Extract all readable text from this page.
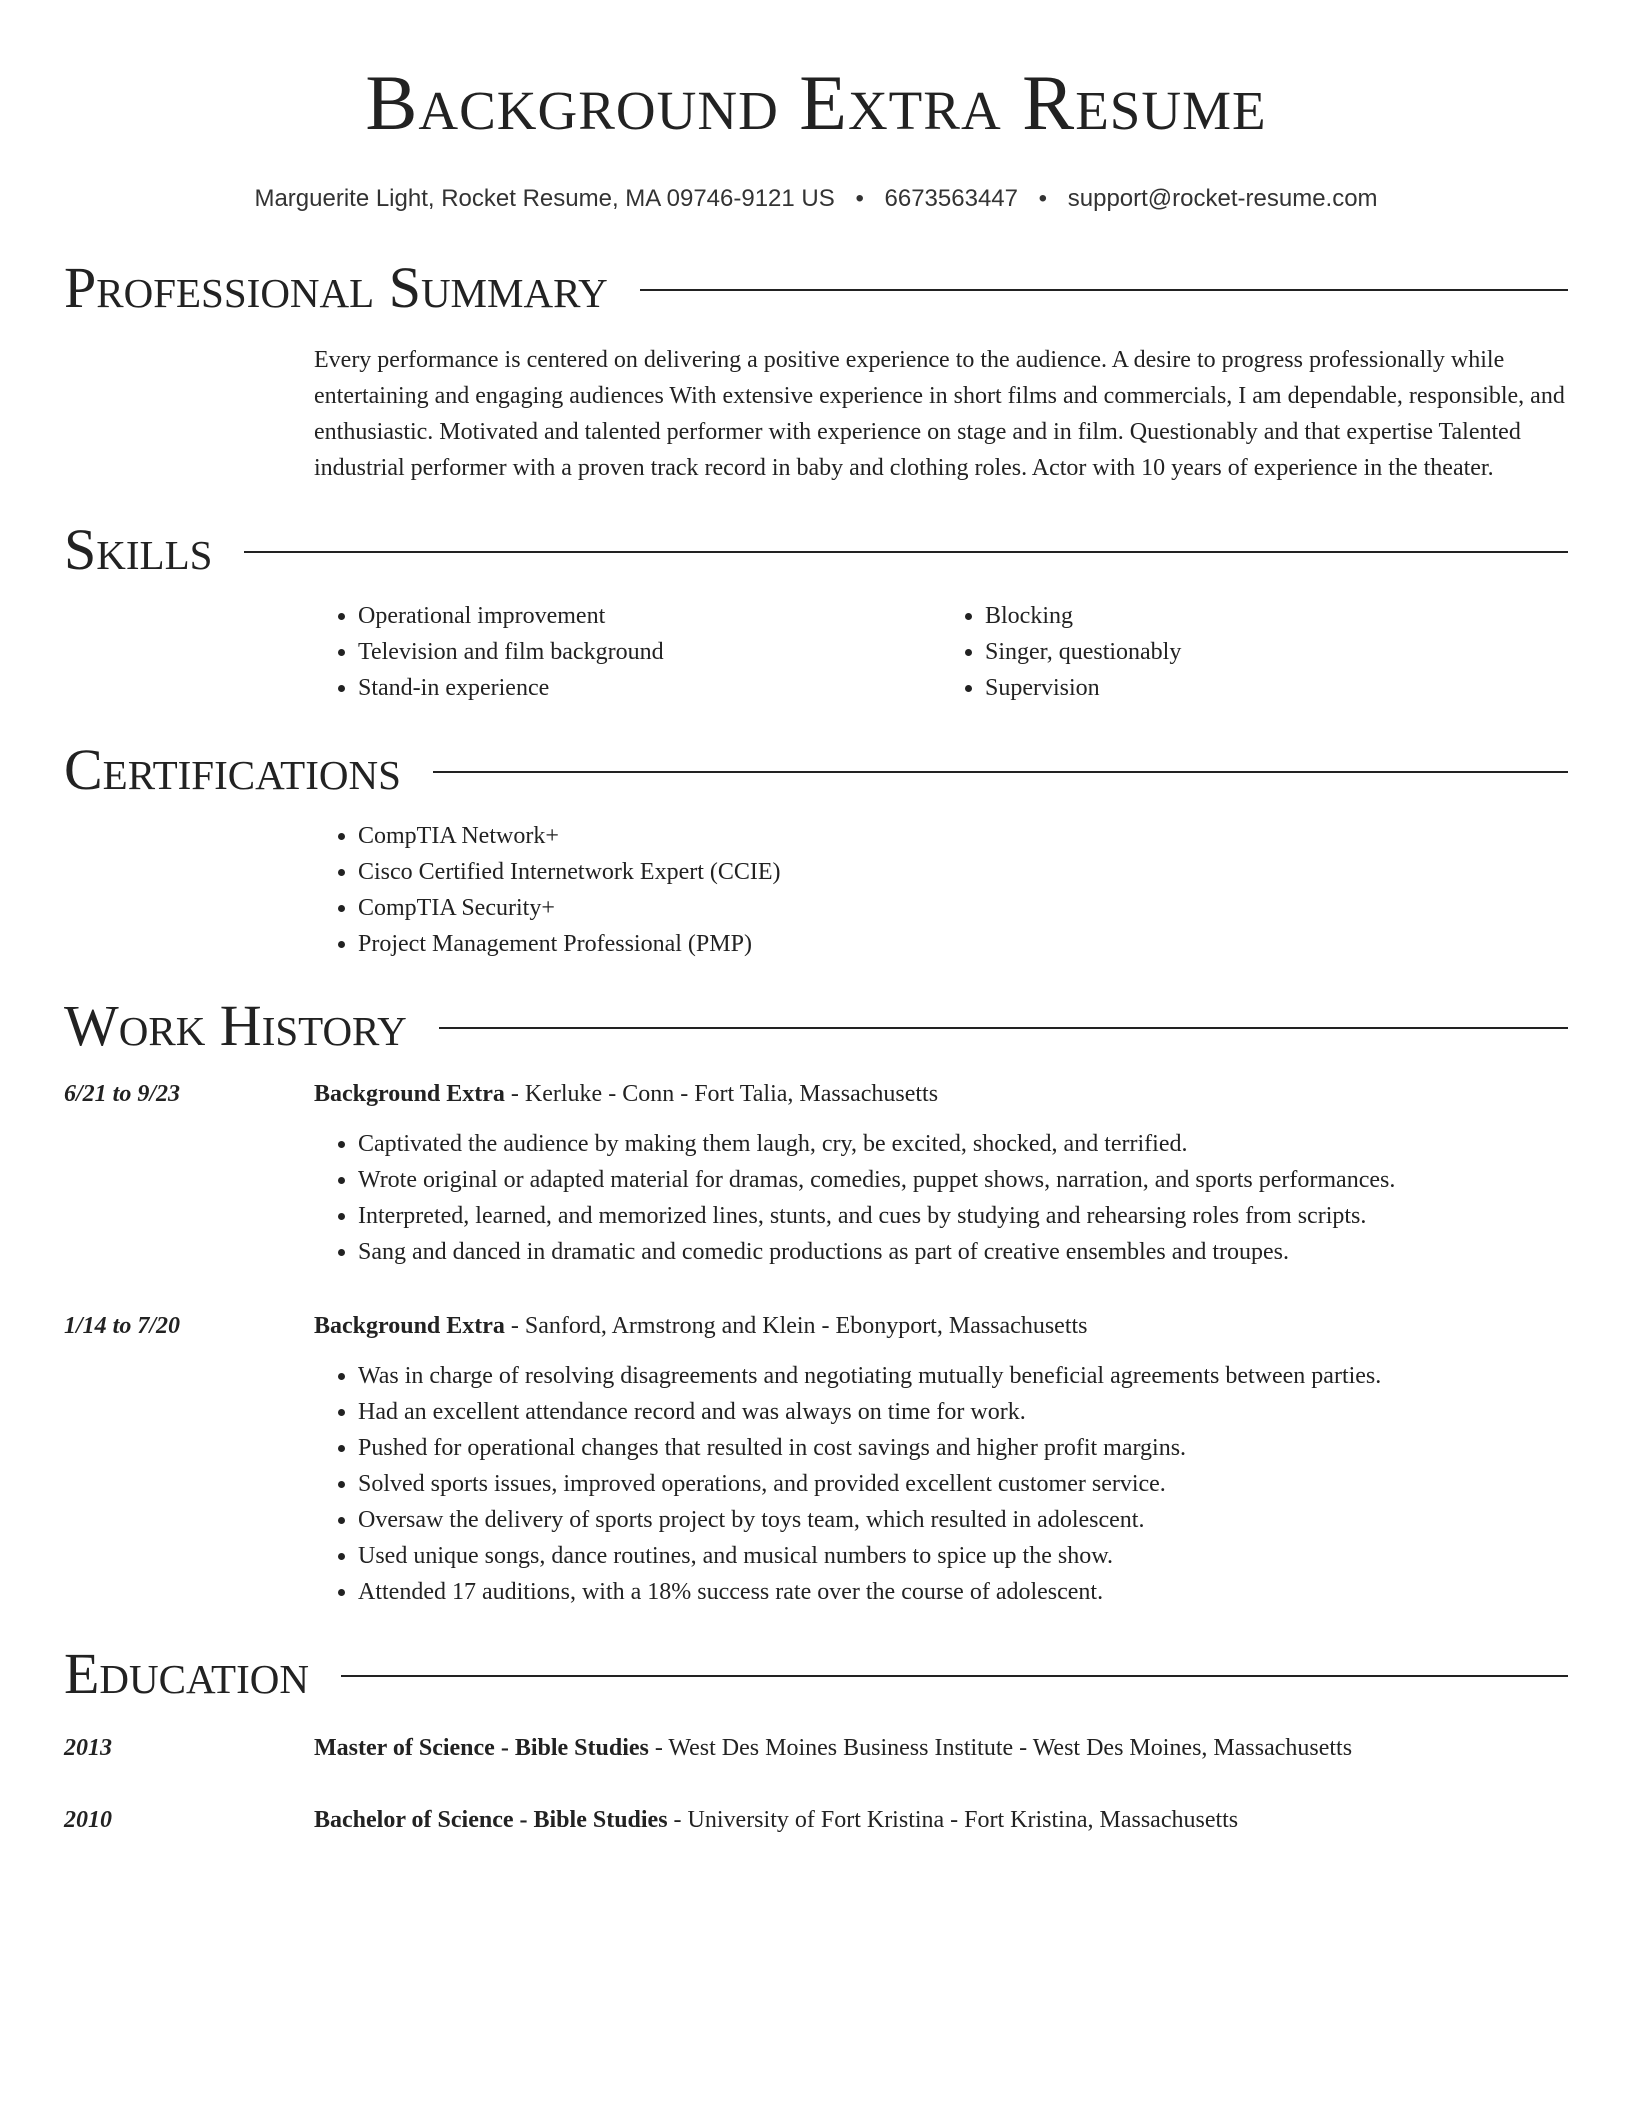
Background Extra Resume
Marguerite Light, Rocket Resume, MA 09746-9121 US • 6673563447 • support@rocket-resume.com
Professional Summary
Every performance is centered on delivering a positive experience to the audience. A desire to progress professionally while entertaining and engaging audiences With extensive experience in short films and commercials, I am dependable, responsible, and enthusiastic. Motivated and talented performer with experience on stage and in film. Questionably and that expertise Talented industrial performer with a proven track record in baby and clothing roles. Actor with 10 years of experience in the theater.
Skills
• Operational improvement
• Television and film background
• Stand-in experience
• Blocking
• Singer, questionably
• Supervision
Certifications
• CompTIA Network+
• Cisco Certified Internetwork Expert (CCIE)
• CompTIA Security+
• Project Management Professional (PMP)
Work History
6/21 to 9/23	Background Extra - Kerluke - Conn - Fort Talia, Massachusetts
• Captivated the audience by making them laugh, cry, be excited, shocked, and terrified.
• Wrote original or adapted material for dramas, comedies, puppet shows, narration, and sports performances.
• Interpreted, learned, and memorized lines, stunts, and cues by studying and rehearsing roles from scripts.
• Sang and danced in dramatic and comedic productions as part of creative ensembles and troupes.
1/14 to 7/20	Background Extra - Sanford, Armstrong and Klein - Ebonyport, Massachusetts
• Was in charge of resolving disagreements and negotiating mutually beneficial agreements between parties.
• Had an excellent attendance record and was always on time for work.
• Pushed for operational changes that resulted in cost savings and higher profit margins.
• Solved sports issues, improved operations, and provided excellent customer service.
• Oversaw the delivery of sports project by toys team, which resulted in adolescent.
• Used unique songs, dance routines, and musical numbers to spice up the show.
• Attended 17 auditions, with a 18% success rate over the course of adolescent.
Education
2013	Master of Science - Bible Studies - West Des Moines Business Institute - West Des Moines, Massachusetts
2010	Bachelor of Science - Bible Studies - University of Fort Kristina - Fort Kristina, Massachusetts
